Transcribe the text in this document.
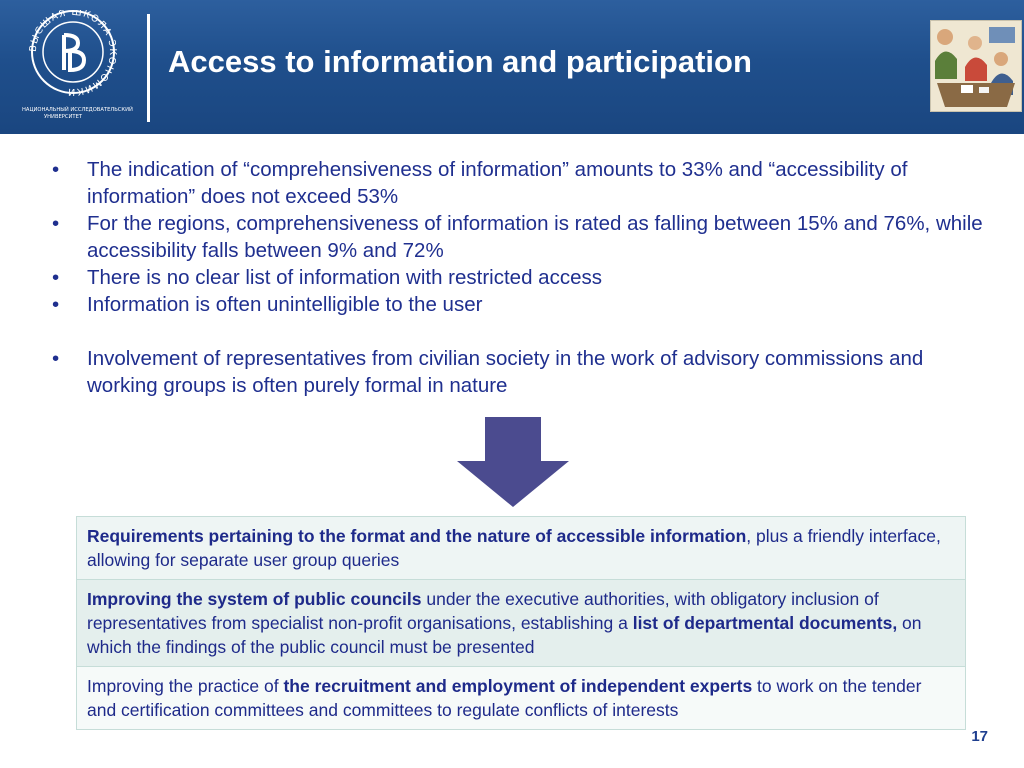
ВЫСШАЯ ШКОЛА ЭКОНОМИКИ
НАЦИОНАЛЬНЫЙ ИССЛЕДОВАТЕЛЬСКИЙ
УНИВЕРСИТЕТ
Access to information and participation
• The indication of “comprehensiveness of information” amounts to 33% and “accessibility of information” does not exceed 53%
• For the regions, comprehensiveness of information is rated as falling between 15% and 76%, while accessibility falls between 9% and 72%
• There is no clear list of information with restricted access
• Information is often unintelligible to the user
• Involvement of representatives from civilian society in the work of advisory commissions and working groups is often purely formal in nature
Requirements pertaining to the format and the nature of accessible information, plus a friendly interface, allowing for separate user group queries
Improving the system of public councils under the executive authorities, with obligatory inclusion of representatives from specialist non-profit organisations, establishing a list of departmental documents, on which the findings of the public council must be presented
Improving the practice of the recruitment and employment of independent experts to work on the tender and certification committees and committees to regulate conflicts of interests
17
